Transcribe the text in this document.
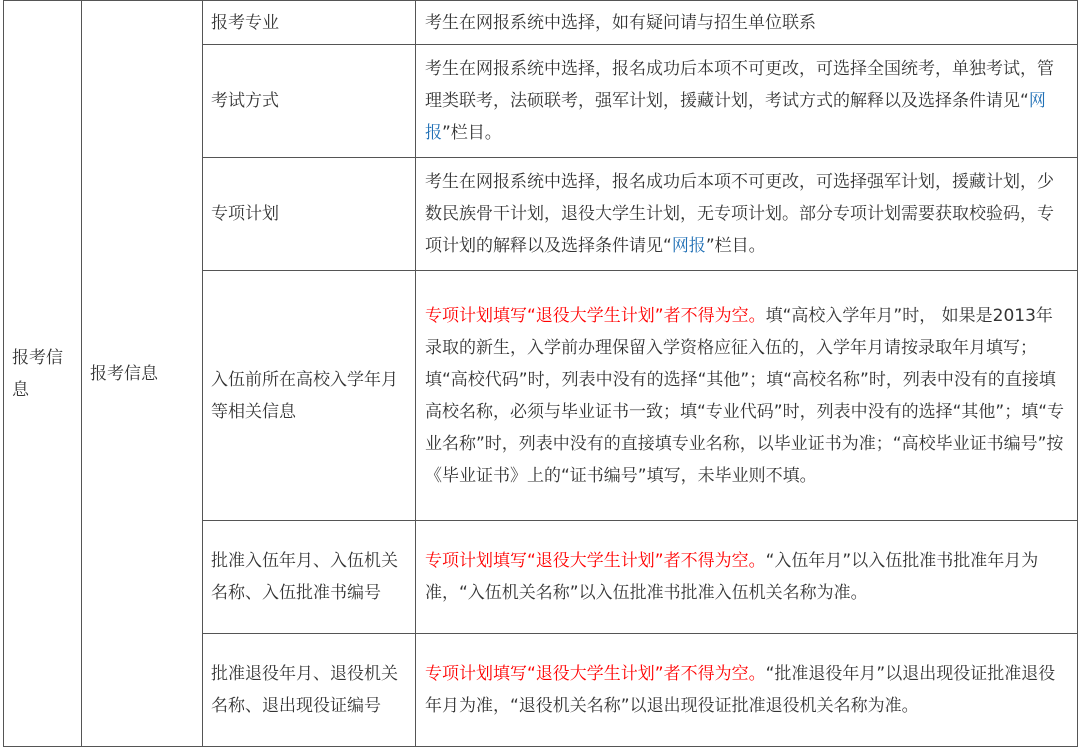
报考信息	报考信息	报考专业	考生在网报系统中选择，如有疑问请与招生单位联系
		考试方式	考生在网报系统中选择，报名成功后本项不可更改，可选择全国统考，单独考试，管理类联考，法硕联考，强军计划，援藏计划，考试方式的解释以及选择条件请见“网报”栏目。
		专项计划	考生在网报系统中选择，报名成功后本项不可更改，可选择强军计划，援藏计划，少数民族骨干计划，退役大学生计划，无专项计划。部分专项计划需要获取校验码，专项计划的解释以及选择条件请见“网报”栏目。
		入伍前所在高校入学年月等相关信息	专项计划填写“退役大学生计划”者不得为空。填“高校入学年月”时， 如果是2013年录取的新生，入学前办理保留入学资格应征入伍的，入学年月请按录取年月填写；填“高校代码”时，列表中没有的选择“其他”；填“高校名称”时，列表中没有的直接填高校名称，必须与毕业证书一致；填“专业代码”时，列表中没有的选择“其他”；填“专业名称”时，列表中没有的直接填专业名称，以毕业证书为准；“高校毕业证书编号”按《毕业证书》上的“证书编号”填写，未毕业则不填。
		批准入伍年月、入伍机关名称、入伍批准书编号	专项计划填写“退役大学生计划”者不得为空。“入伍年月”以入伍批准书批准年月为准，“入伍机关名称”以入伍批准书批准入伍机关名称为准。
		批准退役年月、退役机关名称、退出现役证编号	专项计划填写“退役大学生计划”者不得为空。“批准退役年月”以退出现役证批准退役年月为准，“退役机关名称”以退出现役证批准退役机关名称为准。
